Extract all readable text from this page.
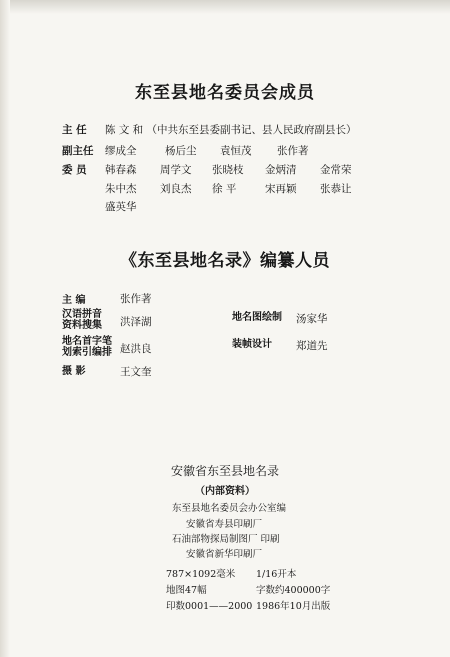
东至县地名委员会成员
主 任 陈 文 和 （中共东至县委副书记、县人民政府副县长）
副主任 缪成全	杨后尘 袁恒茂 张作著
委 员 韩春森 周学文 张晓枝 金炳清 金常荣
朱中杰 刘良杰 徐 平	宋再颖 张恭让
盛英华
《东至县地名录》编纂人员
主 编	张作著
汉语拼音
资料搜集 洪泽湖	地名图绘制 汤家华
地名首字笔
划索引编排 赵洪良	装帧设计 郑道先
摄 影	王文奎
安徽省东至县地名录
（内部资料）
东至县地名委员会办公室编
安徽省寿县印刷厂
石油部物探局制图厂 印刷
安徽省新华印刷厂
787×1092毫米 1/16开本
地图47幅	字数约400000字
印数0001——2000 1986年10月出版
